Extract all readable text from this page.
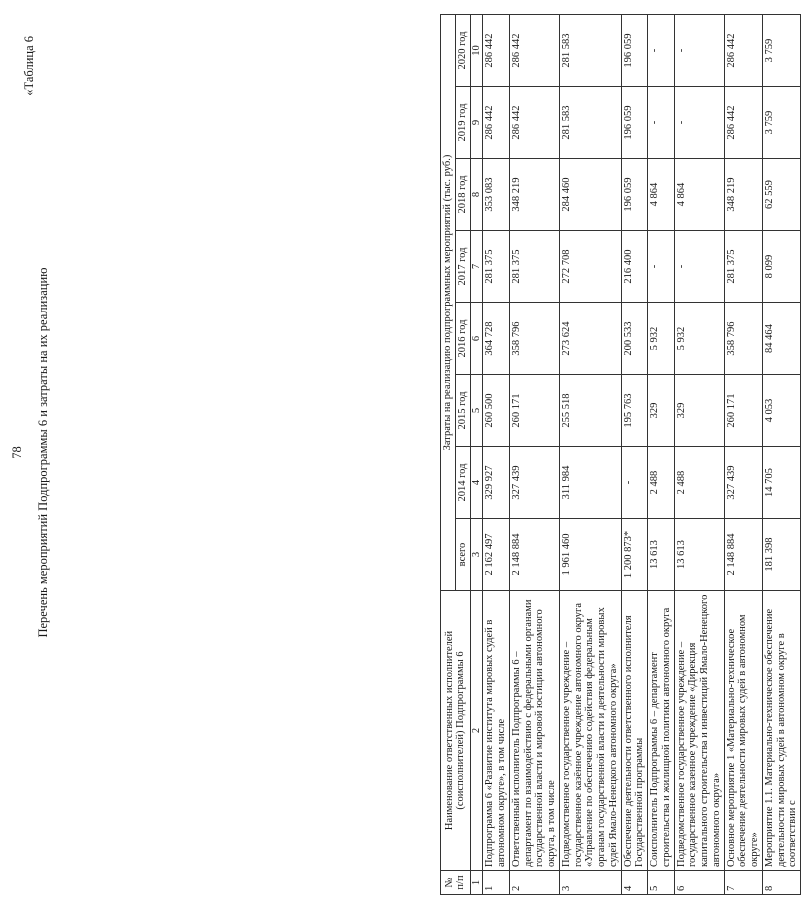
78
«Таблица 6
Перечень мероприятий Подпрограммы 6 и затраты на их реализацию
№ п/п	Наименование ответственных исполнителей (соисполнителей) Подпрограммы 6	Затраты на реализацию подпрограммных мероприятий (тыс. руб.)							
		всего	2014 год	2015 год	2016 год	2017 год	2018 год	2019 год	2020 год
1	2	3	4	5	6	7	8	9	10
1	Подпрограмма 6 «Развитие института мировых судей в автономном округе», в том числе	2 162 497	329 927	260 500	364 728	281 375	353 083	286 442	286 442
2	Ответственный исполнитель Подпрограммы 6 – департамент по взаимодействию с федеральными органами государственной власти и мировой юстиции автономного округа, в том числе	2 148 884	327 439	260 171	358 796	281 375	348 219	286 442	286 442
3	Подведомственное государственное учреждение – государственное казённое учреждение автономного округа «Управление по обеспечению содействия федеральным органам государственной власти и деятельности мировых судей Ямало-Ненецкого автономного округа»	1 961 460	311 984	255 518	273 624	272 708	284 460	281 583	281 583
4	Обеспечение деятельности ответственного исполнителя Государственной программы	1 200 873*	-	195 763	200 533	216 400	196 059	196 059	196 059
5	Соисполнитель Подпрограммы 6 – департамент строительства и жилищной политики автономного округа	13 613	2 488	329	5 932	-	4 864	-	-
6	Подведомственное государственное учреждение – государственное казенное учреждение «Дирекция капитального строительства и инвестиций Ямало-Ненецкого автономного округа»	13 613	2 488	329	5 932	-	4 864	-	-
7	Основное мероприятие 1 «Материально-техническое обеспечение деятельности мировых судей в автономном округе»	2 148 884	327 439	260 171	358 796	281 375	348 219	286 442	286 442
8	Мероприятие 1.1. Материально-техническое обеспечение деятельности мировых судей в автономном округе в соответствии с	181 398	14 705	4 053	84 464	8 099	62 559	3 759	3 759
